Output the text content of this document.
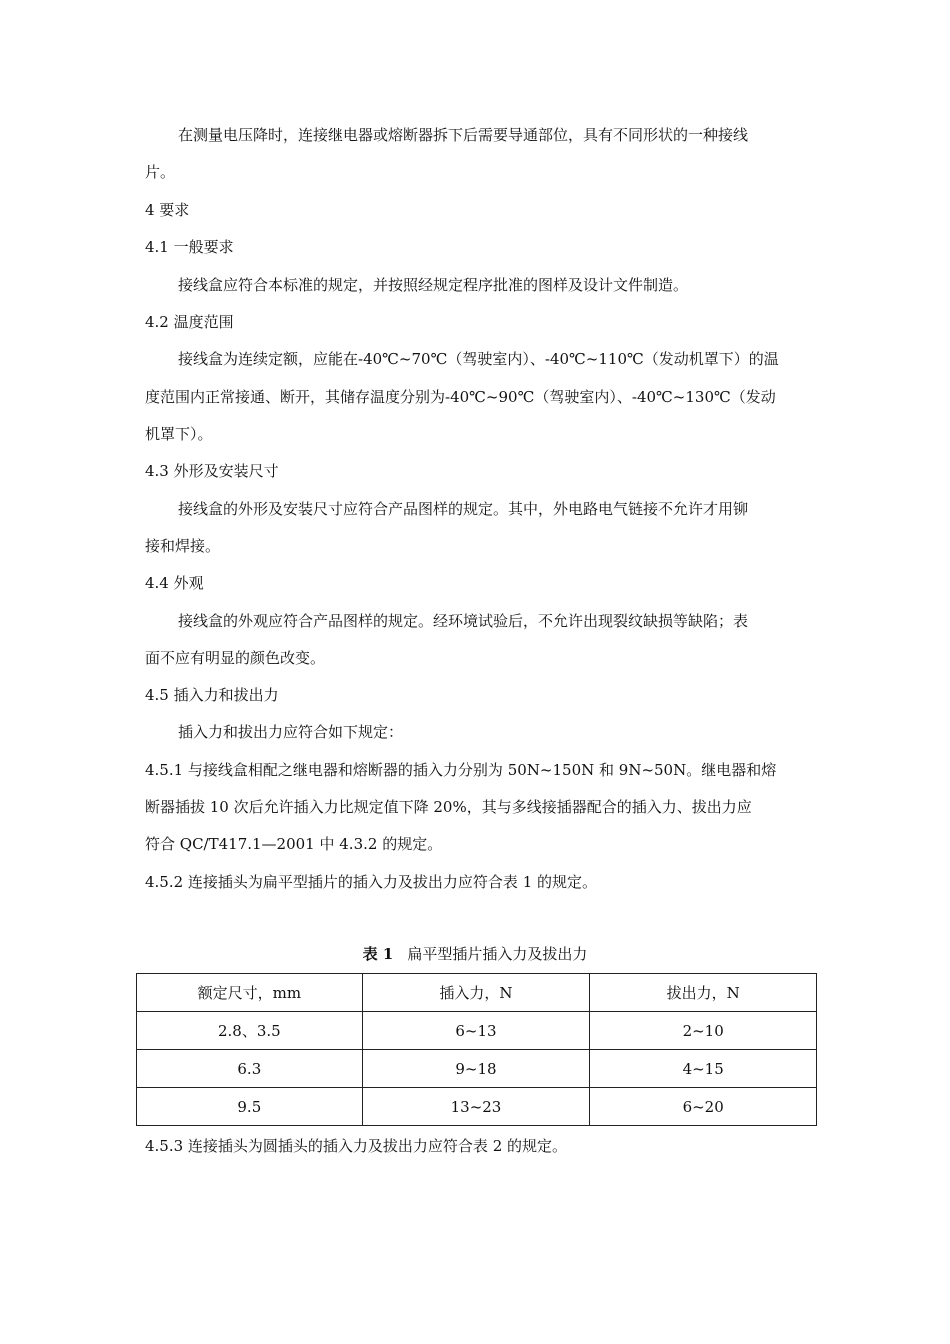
在测量电压降时，连接继电器或熔断器拆下后需要导通部位，具有不同形状的一种接线
片。
4 要求
4.1 一般要求
接线盒应符合本标准的规定，并按照经规定程序批准的图样及设计文件制造。
4.2 温度范围
接线盒为连续定额，应能在-40℃~70℃（驾驶室内）、-40℃~110℃（发动机罩下）的温
度范围内正常接通、断开，其储存温度分别为-40℃~90℃（驾驶室内）、-40℃~130℃（发动
机罩下）。
4.3 外形及安装尺寸
接线盒的外形及安装尺寸应符合产品图样的规定。其中，外电路电气链接不允许才用铆
接和焊接。
4.4 外观
接线盒的外观应符合产品图样的规定。经环境试验后，不允许出现裂纹缺损等缺陷；表
面不应有明显的颜色改变。
4.5 插入力和拔出力
插入力和拔出力应符合如下规定：
4.5.1 与接线盒相配之继电器和熔断器的插入力分别为 50N~150N 和 9N~50N。继电器和熔
断器插拔 10 次后允许插入力比规定值下降 20%，其与多线接插器配合的插入力、拔出力应
符合 QC/T417.1—2001 中 4.3.2 的规定。
4.5.2 连接插头为扁平型插片的插入力及拔出力应符合表 1 的规定。
表 1 扁平型插片插入力及拔出力
额定尺寸，mm	插入力，N	拔出力，N
2.8、3.5	6~13	2~10
6.3	9~18	4~15
9.5	13~23	6~20
4.5.3 连接插头为圆插头的插入力及拔出力应符合表 2 的规定。
